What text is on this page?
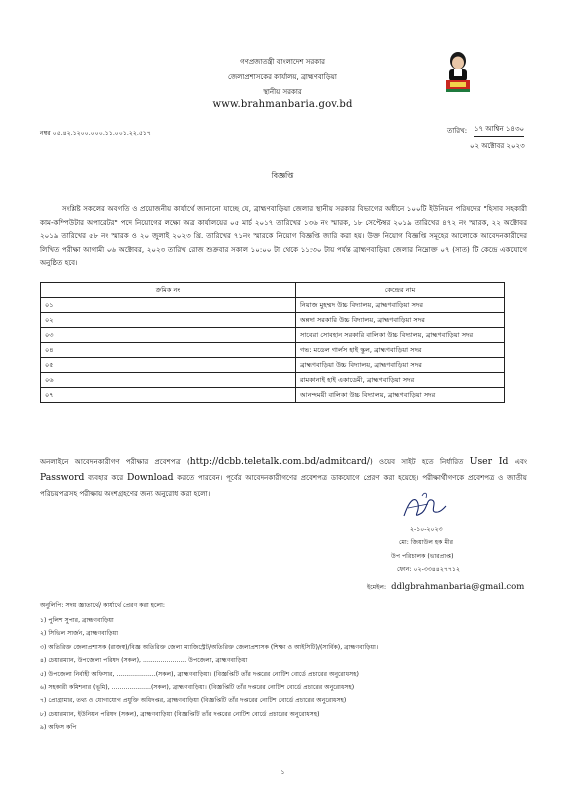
গণপ্রজাতন্ত্রী বাংলাদেশ সরকার
জেলাপ্রশাসকের কার্যালয়, ব্রাহ্মণবাড়িয়া
স্থানীয় সরকার
www.brahmanbaria.gov.bd
নম্বর ০৫.৪২.১২০০.০০০.১১.০০১.২২.৫১৭	তারিখ: ১৭ আশ্বিন ১৪৩০
০২ অক্টোবর ২০২৩
বিজ্ঞপ্তি
সংশ্লিষ্ট সকলের অবগতি ও প্রয়োজনীয় কার্যার্থে জানানো যাচ্ছে যে, ব্রাহ্মণবাড়িয়া জেলার স্থানীয় সরকার বিভাগের অধীনে ১০০টি ইউনিয়ন পরিষদের "হিসাব সহকারী কাম-কম্পিউটার অপারেটর" পদে নিয়োগের লক্ষ্যে অত্র কার্যালয়ের ০৫ মার্চ ২০১৭ তারিখের ১৩৬ নং স্মারক, ১৮ সেপ্টেম্বর ২০১৯ তারিখের ৪৭২ নং স্মারক, ২২ অক্টোবর ২০১৯ তারিখের ৫৮ নং স্মারক ও ২০ জুলাই ২০২৩ খ্রি. তারিখের ৭১নং স্মারকে নিয়োগ বিজ্ঞপ্তি জারি করা হয়। উক্ত নিয়োগ বিজ্ঞপ্তি সমূহের আলোকে আবেদনকারীদের লিখিত পরীক্ষা আগামী ০৬ অক্টোবর, ২০২৩ তারিখ রোজ শুক্রবার সকাল ১০:০০ টা থেকে ১১:৩০ টায় পর্যন্ত ব্রাহ্মণবাড়িয়া জেলার নিম্নোক্ত ০৭ (সাত) টি কেন্দ্রে একযোগে অনুষ্ঠিত হবে।
ক্রমিক নং	কেন্দ্রের নাম
০১	নিয়াজ মুহম্মদ উচ্চ বিদ্যালয়, ব্রাহ্মণবাড়িয়া সদর
০২	অন্নদা সরকারি উচ্চ বিদ্যালয়, ব্রাহ্মণবাড়িয়া সদর
০৩	সাবেরা সোবহান সরকারি বালিকা উচ্চ বিদ্যালয়, ব্রাহ্মণবাড়িয়া সদর
০৪	গভ: মডেল গার্লস হাই স্কুল, ব্রাহ্মণবাড়িয়া সদর
০৫	ব্রাহ্মণবাড়িয়া উচ্চ বিদ্যালয়, ব্রাহ্মণবাড়িয়া সদর
০৬	রামকানাই হাই একাডেমী, ব্রাহ্মণবাড়িয়া সদর
০৭	আনন্দময়ী বালিকা উচ্চ বিদ্যালয়, ব্রাহ্মণবাড়িয়া সদর
অনলাইনে আবেদনকারীগণ পরীক্ষার প্রবেশপত্র (http://dcbb.teletalk.com.bd/admitcard/) ওয়েব সাইট হতে নির্ধারিত User Id এবং Password ব্যবহার করে Download করতে পারবেন। পূর্বের আবেদনকারীগণের প্রবেশপত্র ডাকযোগে প্রেরণ করা হয়েছে। পরীক্ষার্থীগণকে প্রবেশপত্র ও জাতীয় পরিচয়পত্রসহ পরীক্ষায় অংশগ্রহণের জন্য অনুরোধ করা হলো।
২-১০-২০২৩
মো: জিয়াউল হক মীর
উপ পরিচালক (ভারপ্রাপ্ত)
ফোন: ০২-৩৩৪৪২৭৭১২
ইমেইল: ddlgbrahmanbaria@gmail.com
অনুলিপি: সদয় জ্ঞাতার্থে/ কার্যার্থে প্রেরণ করা হলো:
১) পুলিশ সুপার, ব্রাহ্মণবাড়িয়া
২) সিভিল সার্জন, ব্রাহ্মণবাড়িয়া
৩) অতিরিক্ত জেলাপ্রশাসক (রাজস্ব)/বিজ্ঞ অতিরিক্ত জেলা ম্যাজিস্ট্রেট/অতিরিক্ত জেলাপ্রশাসক (শিক্ষা ও আইসিটি)/(সার্বিক), ব্রাহ্মণবাড়িয়া।
৪) চেয়ারম্যান, উপজেলা পরিষদ (সকল), ...................... উপজেলা, ব্রাহ্মণবাড়িয়া
৫) উপজেলা নির্বাহী অফিসার, ....................(সকল), ব্রাহ্মণবাড়িয়া। (বিজ্ঞপ্তিটি তাঁর দপ্তরের নোটিশ বোর্ডে প্রচারের অনুরোধসহ)
৬) সহকারী কমিশনার (ভূমি), ....................(সকল), ব্রাহ্মণবাড়িয়া। (বিজ্ঞপ্তিটি তাঁর দপ্তরের নোটিশ বোর্ডে প্রচারের অনুরোধসহ)
৭) প্রোগ্রামার, তথ্য ও যোগাযোগ প্রযুক্তি অধিদপ্তর, ব্রাহ্মণবাড়িয়া (বিজ্ঞপ্তিটি তাঁর দপ্তরের নোটিশ বোর্ডে প্রচারের অনুরোধসহ)
৮) চেয়ারম্যান, ইউনিয়ন পরিষদ (সকল), ব্রাহ্মণবাড়িয়া (বিজ্ঞপ্তিটি তাঁর দপ্তরের নোটিশ বোর্ডে প্রচারের অনুরোধসহ)
৯) অফিস কপি
১
